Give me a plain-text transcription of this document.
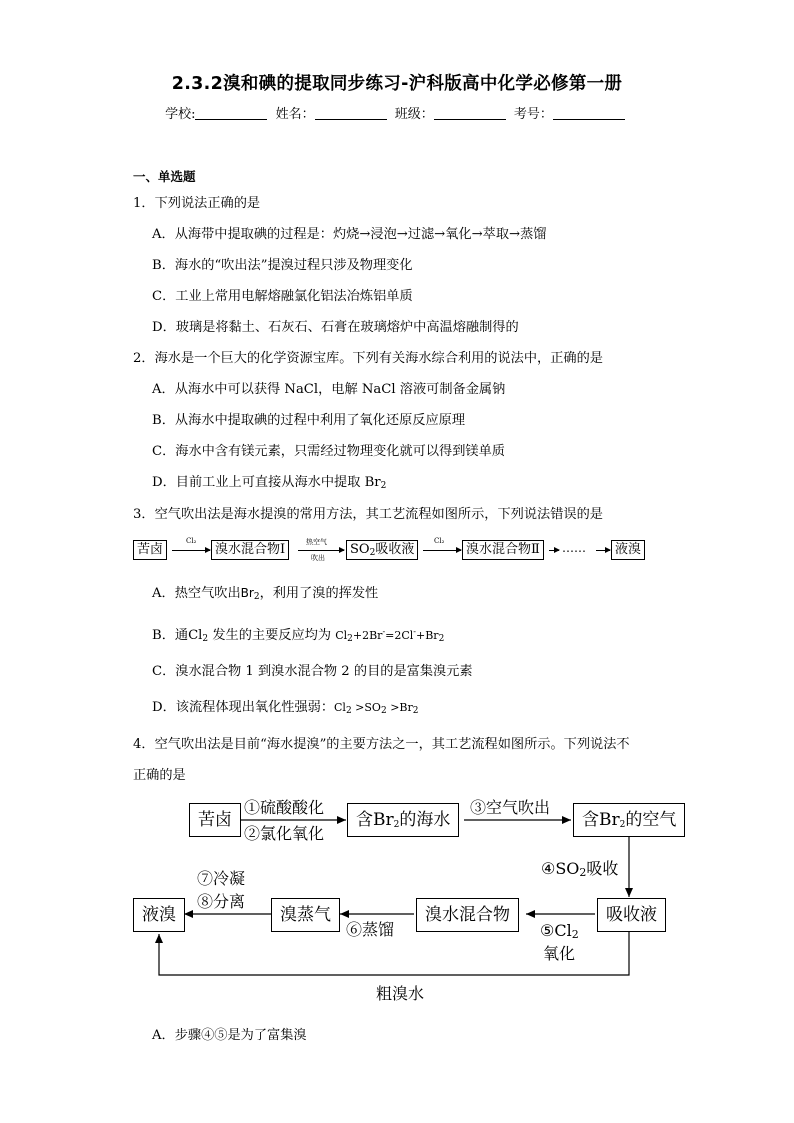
2.3.2溴和碘的提取同步练习-沪科版高中化学必修第一册
学校:	姓名：	班级：	考号：
一、单选题
1．下列说法正确的是
A．从海带中提取碘的过程是：灼烧→浸泡→过滤→氧化→萃取→蒸馏
B．海水的“吹出法”提溴过程只涉及物理变化
C．工业上常用电解熔融氯化铝法冶炼铝单质
D．玻璃是将黏土、石灰石、石膏在玻璃熔炉中高温熔融制得的
2．海水是一个巨大的化学资源宝库。下列有关海水综合利用的说法中，正确的是
A．从海水中可以获得 NaCl，电解 NaCl 溶液可制备金属钠
B．从海水中提取碘的过程中利用了氧化还原反应原理
C．海水中含有镁元素，只需经过物理变化就可以得到镁单质
D．目前工业上可直接从海水中提取 $Br_2$
3．空气吹出法是海水提溴的常用方法，其工艺流程如图所示，下列说法错误的是
苦卤
Cl₂
溴水混合物Ⅰ	热空气
吹出
$SO_2$吸收液
Cl₂
溴水混合物Ⅱ	……	液溴
A．热空气吹出$Br_2$，利用了溴的挥发性
B．通$Cl_2$ 发生的主要反应均为 $Cl_2+2Br^-=2Cl^-+Br_2$
C．溴水混合物 1 到溴水混合物 2 的目的是富集溴元素
D．该流程体现出氧化性强弱：$Cl_2 >SO_2 >Br_2$
4．空气吹出法是目前“海水提溴”的主要方法之一，其工艺流程如图所示。下列说法不
正确的是
苦卤
①硫酸酸化
②氯化氧化
含$Br_2$的海水
③空气吹出
含$Br_2$的空气
$④SO_2$吸收
吸收液
$⑤Cl_2$
氧化
溴水混合物
⑥蒸馏
溴蒸气
⑦冷凝
⑧分离
液溴
粗溴水
A．步骤④⑤是为了富集溴
